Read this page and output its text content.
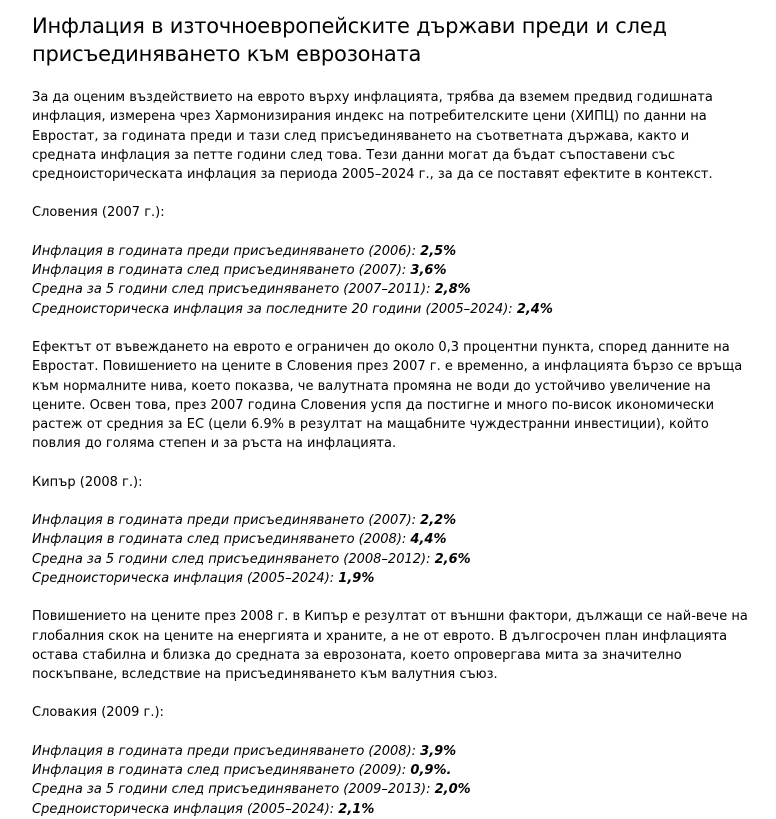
Инфлация в източноевропейските държави преди и след присъединяването към еврозоната

За да оценим въздействието на еврото върху инфлацията, трябва да вземем предвид годишната инфлация, измерена чрез Хармонизирания индекс на потребителските цени (ХИПЦ) по данни на Евростат, за годината преди и тази след присъединяването на съответната държава, както и средната инфлация за петте години след това. Тези данни могат да бъдат съпоставени със средноисторическата инфлация за периода 2005–2024 г., за да се поставят ефектите в контекст.

Словения (2007 г.):

Инфлация в годината преди присъединяването (2006): 2,5%
Инфлация в годината след присъединяването (2007): 3,6%
Средна за 5 години след присъединяването (2007–2011): 2,8%
Средноисторическа инфлация за последните 20 години (2005–2024): 2,4%

Ефектът от въвеждането на еврото е ограничен до около 0,3 процентни пункта, според данните на Евростат. Повишението на цените в Словения през 2007 г. е временно, а инфлацията бързо се връща към нормалните нива, което показва, че валутната промяна не води до устойчиво увеличение на цените. Освен това, през 2007 година Словения успя да постигне и много по-висок икономически растеж от средния за ЕС (цели 6.9% в резултат на мащабните чуждестранни инвестиции), който повлия до голяма степен и за ръста на инфлацията.

Кипър (2008 г.):

Инфлация в годината преди присъединяването (2007): 2,2%
Инфлация в годината след присъединяването (2008): 4,4%
Средна за 5 години след присъединяването (2008–2012): 2,6%
Средноисторическа инфлация (2005–2024): 1,9%

Повишението на цените през 2008 г. в Кипър е резултат от външни фактори, дължащи се най-вече на глобалния скок на цените на енергията и храните, а не от еврото. В дългосрочен план инфлацията остава стабилна и близка до средната за еврозоната, което опровергава мита за значително поскъпване, вследствие на присъединяването към валутния съюз.

Словакия (2009 г.):

Инфлация в годината преди присъединяването (2008): 3,9%
Инфлация в годината след присъединяването (2009): 0,9%.
Средна за 5 години след присъединяването (2009–2013): 2,0%
Средноисторическа инфлация (2005–2024): 2,1%
